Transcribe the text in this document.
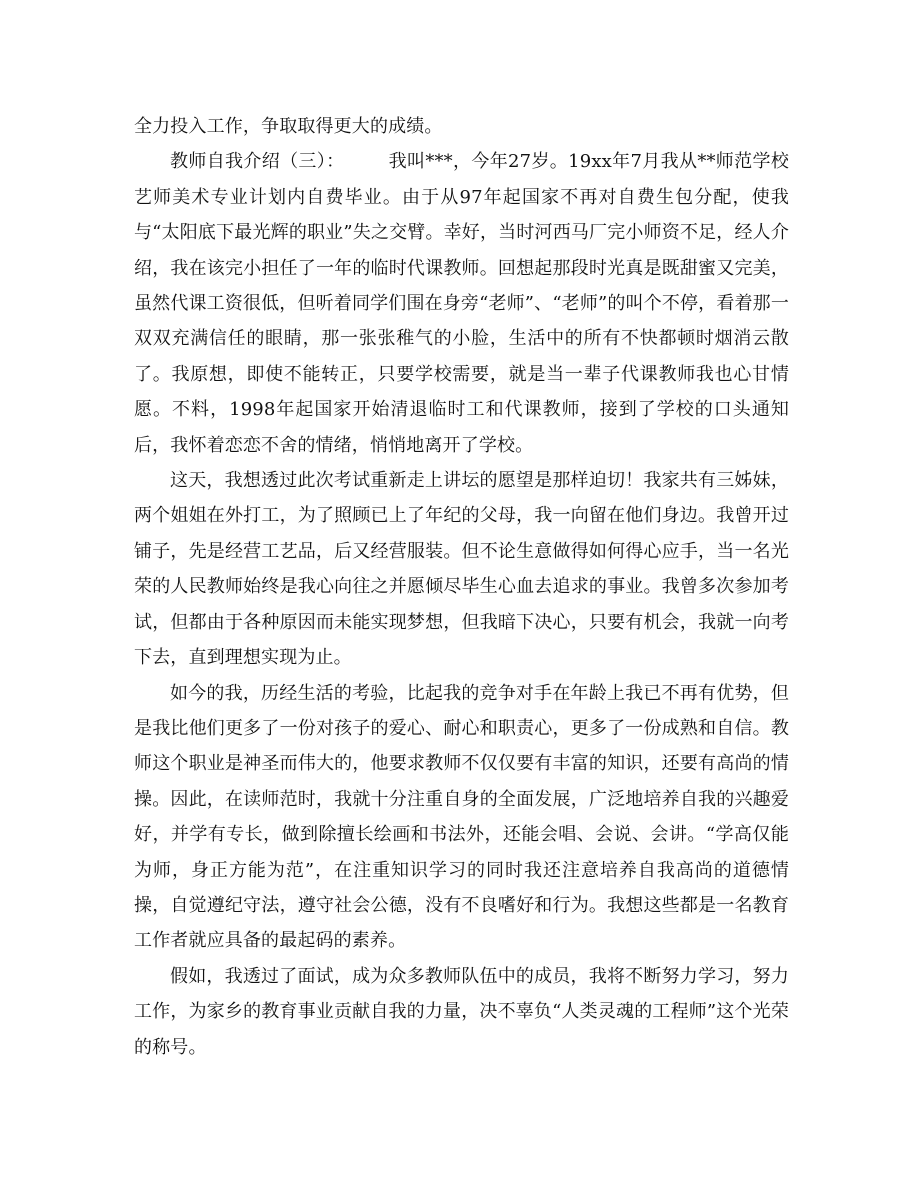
全力投入工作，争取取得更大的成绩。

教师自我介绍（三）： 我叫***，今年27岁。19xx年7月我从**师范学校艺师美术专业计划内自费毕业。由于从97年起国家不再对自费生包分配，使我与“太阳底下最光辉的职业”失之交臂。幸好，当时河西马厂完小师资不足，经人介绍，我在该完小担任了一年的临时代课教师。回想起那段时光真是既甜蜜又完美，虽然代课工资很低，但听着同学们围在身旁“老师”、“老师”的叫个不停，看着那一双双充满信任的眼睛，那一张张稚气的小脸，生活中的所有不快都顿时烟消云散了。我原想，即使不能转正，只要学校需要，就是当一辈子代课教师我也心甘情愿。不料，1998年起国家开始清退临时工和代课教师，接到了学校的口头通知后，我怀着恋恋不舍的情绪，悄悄地离开了学校。

这天，我想透过此次考试重新走上讲坛的愿望是那样迫切！我家共有三姊妹，两个姐姐在外打工，为了照顾已上了年纪的父母，我一向留在他们身边。我曾开过铺子，先是经营工艺品，后又经营服装。但不论生意做得如何得心应手，当一名光荣的人民教师始终是我心向往之并愿倾尽毕生心血去追求的事业。我曾多次参加考试，但都由于各种原因而未能实现梦想，但我暗下决心，只要有机会，我就一向考下去，直到理想实现为止。

如今的我，历经生活的考验，比起我的竞争对手在年龄上我已不再有优势，但是我比他们更多了一份对孩子的爱心、耐心和职责心，更多了一份成熟和自信。教师这个职业是神圣而伟大的，他要求教师不仅仅要有丰富的知识，还要有高尚的情操。因此，在读师范时，我就十分注重自身的全面发展，广泛地培养自我的兴趣爱好，并学有专长，做到除擅长绘画和书法外，还能会唱、会说、会讲。“学高仅能为师，身正方能为范”，在注重知识学习的同时我还注意培养自我高尚的道德情操，自觉遵纪守法，遵守社会公德，没有不良嗜好和行为。我想这些都是一名教育工作者就应具备的最起码的素养。

假如，我透过了面试，成为众多教师队伍中的成员，我将不断努力学习，努力工作，为家乡的教育事业贡献自我的力量，决不辜负“人类灵魂的工程师”这个光荣的称号。
